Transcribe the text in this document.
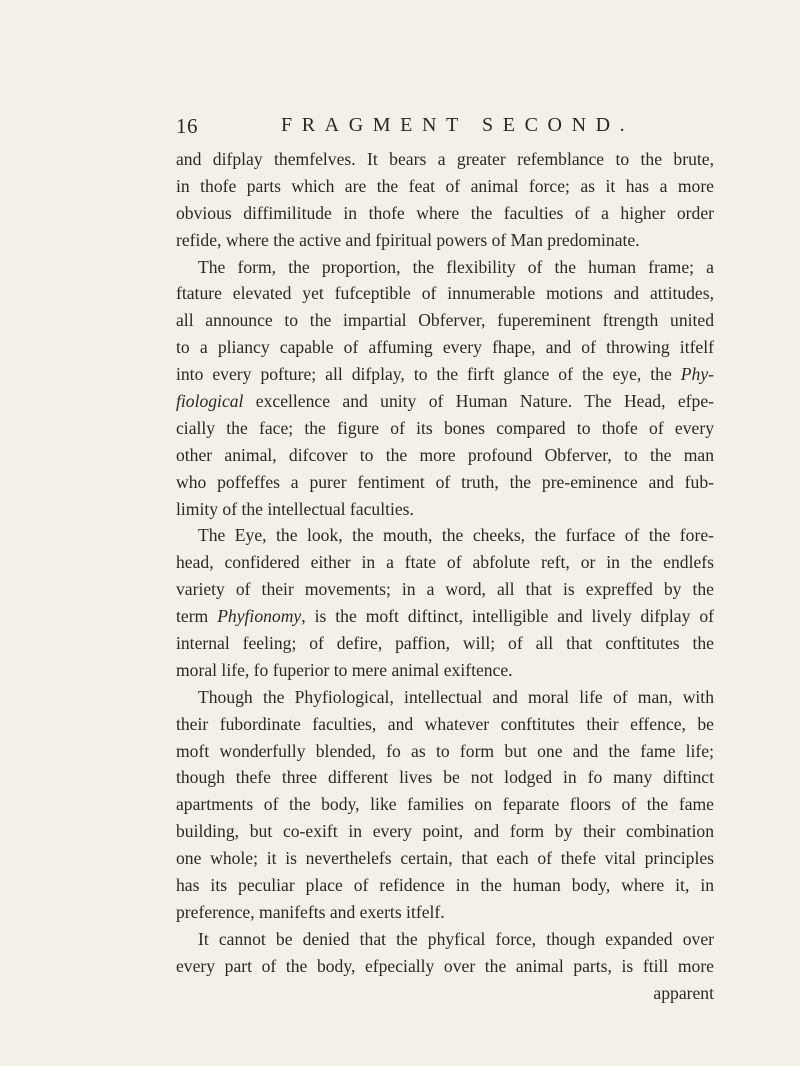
16	FRAGMENT SECOND.
and difplay themfelves. It bears a greater refemblance to the brute,
in thofe parts which are the feat of animal force; as it has a more
obvious diffimilitude in thofe where the faculties of a higher order
refide, where the active and fpiritual powers of Man predominate.
The form, the proportion, the flexibility of the human frame; a
ftature elevated yet fufceptible of innumerable motions and attitudes,
all announce to the impartial Obferver, fupereminent ftrength united
to a pliancy capable of affuming every fhape, and of throwing itfelf
into every pofture; all difplay, to the firft glance of the eye, the Phy-
fiological excellence and unity of Human Nature. The Head, efpe-
cially the face; the figure of its bones compared to thofe of every
other animal, difcover to the more profound Obferver, to the man
who poffeffes a purer fentiment of truth, the pre-eminence and fub-
limity of the intellectual faculties.
The Eye, the look, the mouth, the cheeks, the furface of the fore-
head, confidered either in a ftate of abfolute reft, or in the endlefs
variety of their movements; in a word, all that is expreffed by the
term Phyfionomy, is the moft diftinct, intelligible and lively difplay of
internal feeling; of defire, paffion, will; of all that conftitutes the
moral life, fo fuperior to mere animal exiftence.
Though the Phyfiological, intellectual and moral life of man, with
their fubordinate faculties, and whatever conftitutes their effence, be
moft wonderfully blended, fo as to form but one and the fame life;
though thefe three different lives be not lodged in fo many diftinct
apartments of the body, like families on feparate floors of the fame
building, but co-exift in every point, and form by their combination
one whole; it is neverthelefs certain, that each of thefe vital principles
has its peculiar place of refidence in the human body, where it, in
preference, manifefts and exerts itfelf.
It cannot be denied that the phyfical force, though expanded over
every part of the body, efpecially over the animal parts, is ftill more
apparent
